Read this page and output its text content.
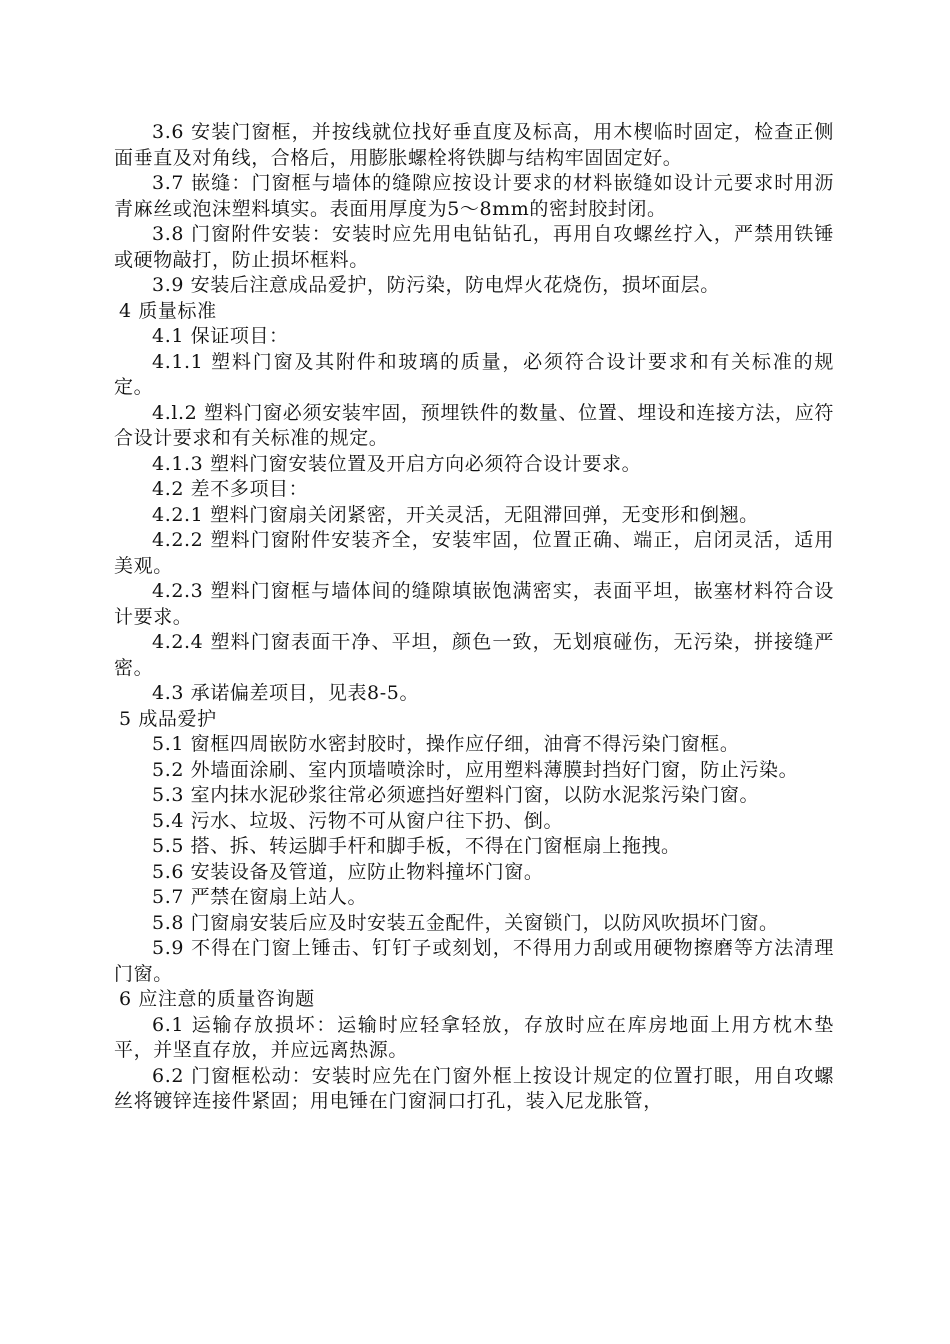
3.6 安装门窗框，并按线就位找好垂直度及标高，用木楔临时固定，检查正侧面垂直及对角线，合格后，用膨胀螺栓将铁脚与结构牢固固定好。

3.7 嵌缝：门窗框与墙体的缝隙应按设计要求的材料嵌缝如设计元要求时用沥青麻丝或泡沫塑料填实。表面用厚度为5～8mm的密封胶封闭。

3.8 门窗附件安装：安装时应先用电钻钻孔，再用自攻螺丝拧入，严禁用铁锤或硬物敲打，防止损坏框料。

3.9 安装后注意成品爱护，防污染，防电焊火花烧伤，损坏面层。

4 质量标准

4.1 保证项目：

4.1.1 塑料门窗及其附件和玻璃的质量，必须符合设计要求和有关标准的规定。

4.l.2 塑料门窗必须安装牢固，预埋铁件的数量、位置、埋设和连接方法，应符合设计要求和有关标准的规定。

4.1.3 塑料门窗安装位置及开启方向必须符合设计要求。

4.2 差不多项目：

4.2.1 塑料门窗扇关闭紧密，开关灵活，无阻滞回弹，无变形和倒翘。

4.2.2 塑料门窗附件安装齐全，安装牢固，位置正确、端正，启闭灵活，适用美观。

4.2.3 塑料门窗框与墙体间的缝隙填嵌饱满密实，表面平坦，嵌塞材料符合设计要求。

4.2.4 塑料门窗表面干净、平坦，颜色一致，无划痕碰伤，无污染，拼接缝严密。

4.3 承诺偏差项目，见表8-5。

5 成品爱护

5.1 窗框四周嵌防水密封胶时，操作应仔细，油膏不得污染门窗框。

5.2 外墙面涂刷、室内顶墙喷涂时，应用塑料薄膜封挡好门窗，防止污染。

5.3 室内抹水泥砂浆往常必须遮挡好塑料门窗，以防水泥浆污染门窗。

5.4 污水、垃圾、污物不可从窗户往下扔、倒。

5.5 搭、拆、转运脚手杆和脚手板，不得在门窗框扇上拖拽。

5.6 安装设备及管道，应防止物料撞坏门窗。

5.7 严禁在窗扇上站人。

5.8 门窗扇安装后应及时安装五金配件，关窗锁门，以防风吹损坏门窗。

5.9 不得在门窗上锤击、钉钉子或刻划，不得用力刮或用硬物擦磨等方法清理门窗。

6 应注意的质量咨询题

6.1 运输存放损坏：运输时应轻拿轻放，存放时应在库房地面上用方枕木垫平，并坚直存放，并应远离热源。

6.2 门窗框松动：安装时应先在门窗外框上按设计规定的位置打眼，用自攻螺丝将镀锌连接件紧固；用电锤在门窗洞口打孔，装入尼龙胀管，
